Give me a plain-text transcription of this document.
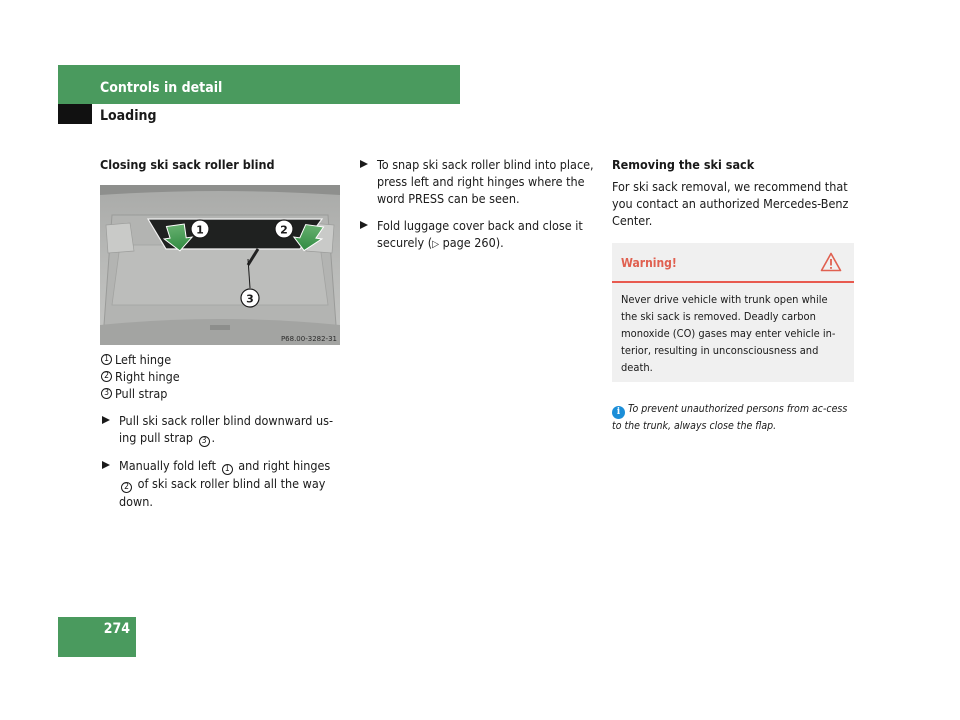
Controls in detail
Loading
Closing ski sack roller blind
1	2
3
P68.00-3282-31
1 Left hinge
2 Right hinge
3 Pull strap
Pull ski sack roller blind downward us-ing pull strap 3 .
Manually fold left 1 and right hinges 2 of ski sack roller blind all the way down.
To snap ski sack roller blind into place, press left and right hinges where the word PRESS can be seen.
Fold luggage cover back and close it securely (▷ page 260).
Removing the ski sack

For ski sack removal, we recommend that you contact an authorized Mercedes-Benz Center.

Warning!
Never drive vehicle with trunk open while the ski sack is removed. Deadly carbon monoxide (CO) gases may enter vehicle in-terior, resulting in unconsciousness and death.
i To prevent unauthorized persons from ac-cess to the trunk, always close the flap.
274
